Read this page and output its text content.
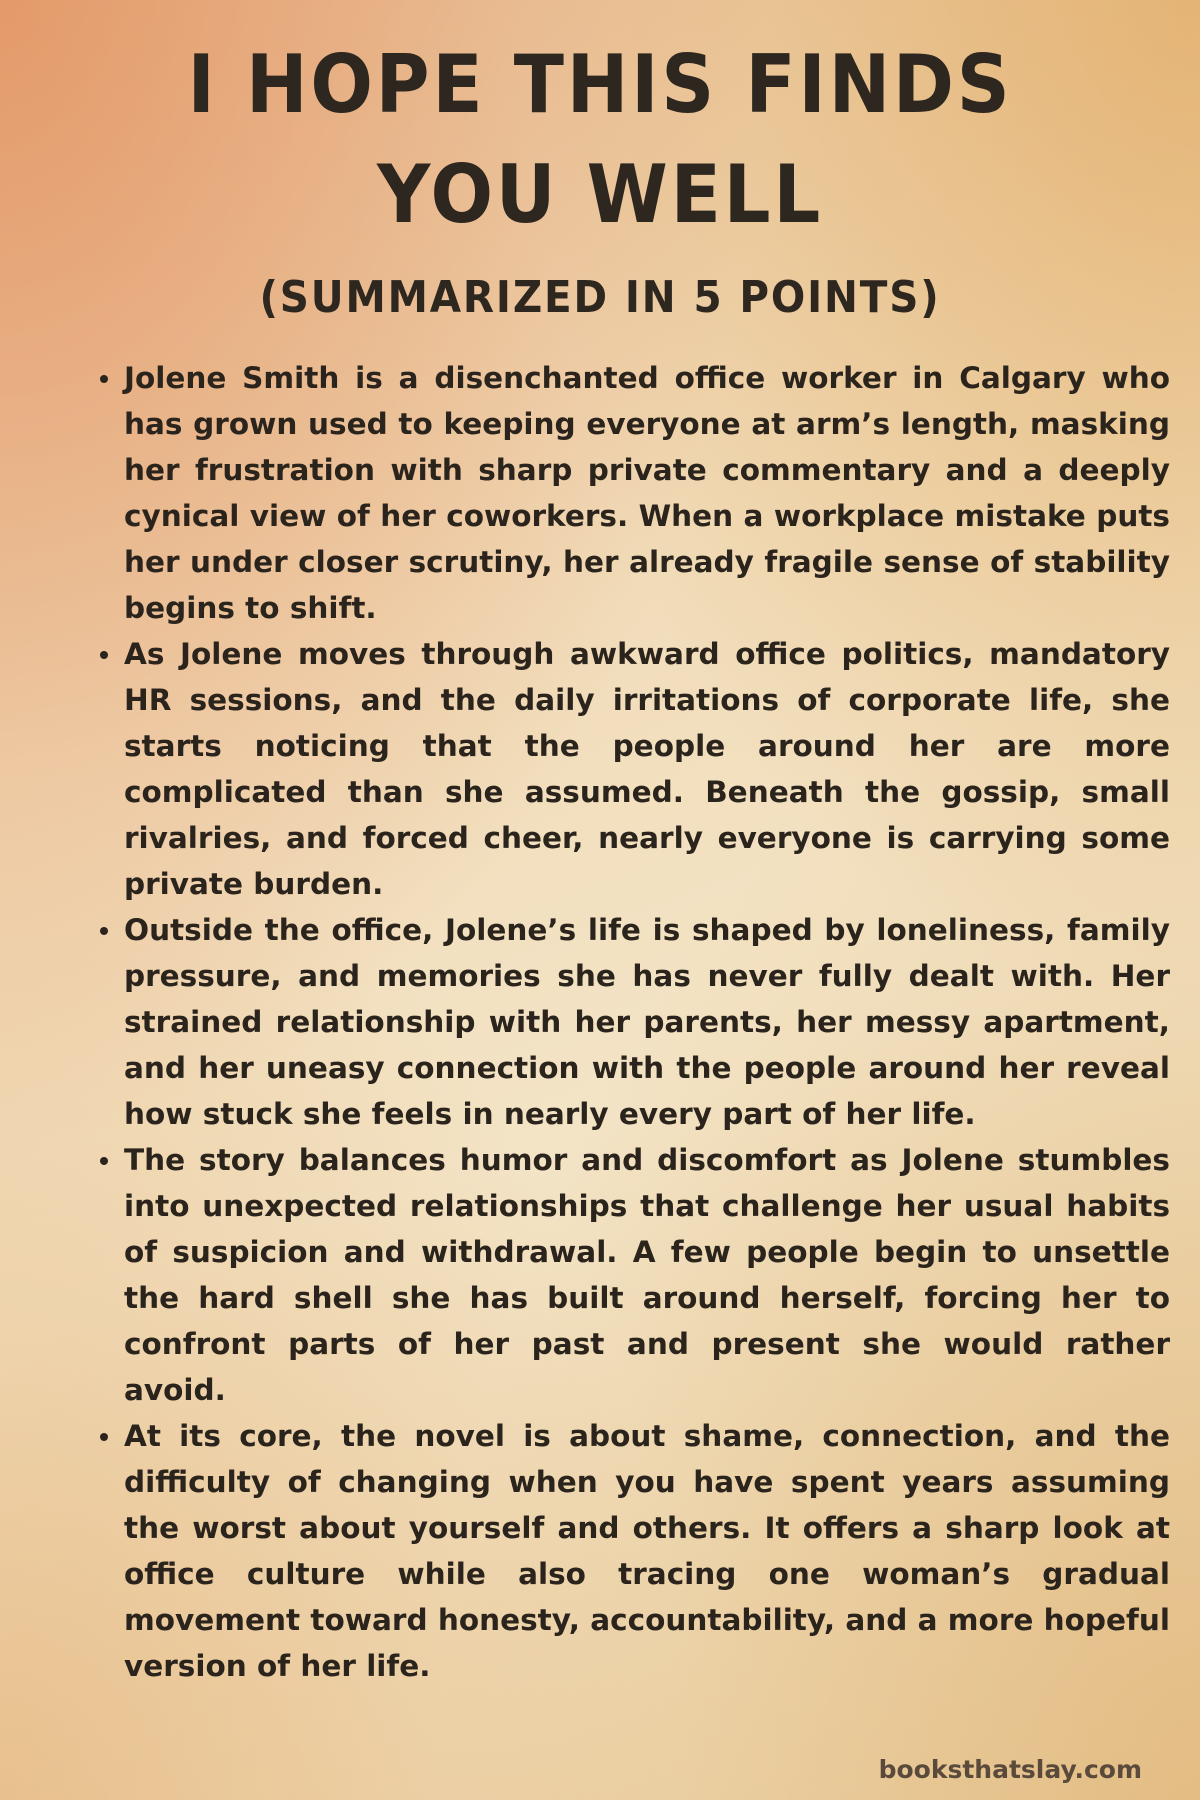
I HOPE THIS FINDS YOU WELL
(SUMMARIZED IN 5 POINTS)
Jolene Smith is a disenchanted office worker in Calgary who has grown used to keeping everyone at arm’s length, masking her frustration with sharp private commentary and a deeply cynical view of her coworkers. When a workplace mistake puts her under closer scrutiny, her already fragile sense of stability begins to shift.
As Jolene moves through awkward office politics, mandatory HR sessions, and the daily irritations of corporate life, she starts noticing that the people around her are more complicated than she assumed. Beneath the gossip, small rivalries, and forced cheer, nearly everyone is carrying some private burden.
Outside the office, Jolene’s life is shaped by loneliness, family pressure, and memories she has never fully dealt with. Her strained relationship with her parents, her messy apartment, and her uneasy connection with the people around her reveal how stuck she feels in nearly every part of her life.
The story balances humor and discomfort as Jolene stumbles into unexpected relationships that challenge her usual habits of suspicion and withdrawal. A few people begin to unsettle the hard shell she has built around herself, forcing her to confront parts of her past and present she would rather avoid.
At its core, the novel is about shame, connection, and the difficulty of changing when you have spent years assuming the worst about yourself and others. It offers a sharp look at office culture while also tracing one woman’s gradual movement toward honesty, accountability, and a more hopeful version of her life.
booksthatslay.com
